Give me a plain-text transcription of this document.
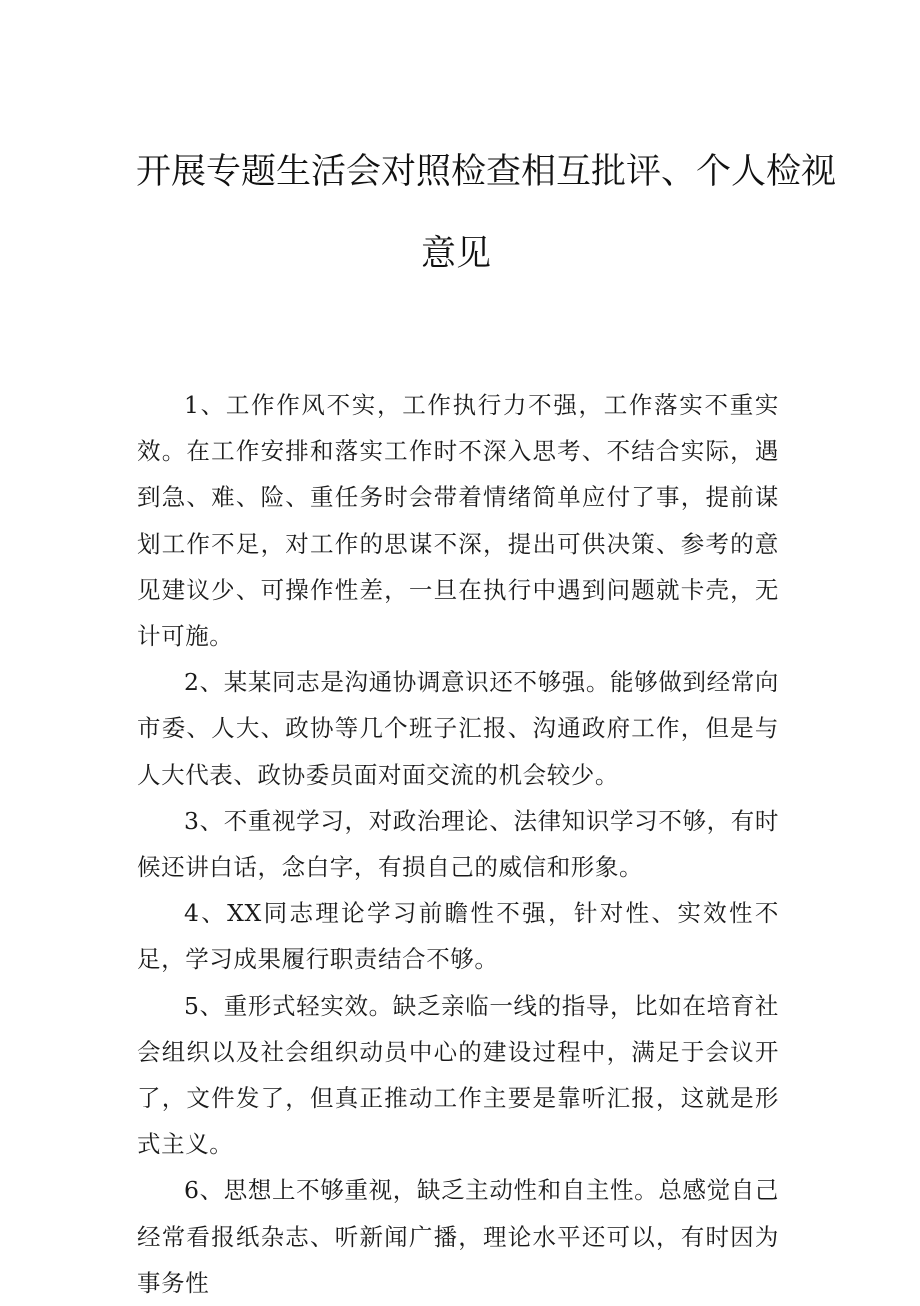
开展专题生活会对照检查相互批评、个人检视
意见

1、工作作风不实，工作执行力不强，工作落实不重实效。在工作安排和落实工作时不深入思考、不结合实际，遇到急、难、险、重任务时会带着情绪简单应付了事，提前谋划工作不足，对工作的思谋不深，提出可供决策、参考的意见建议少、可操作性差，一旦在执行中遇到问题就卡壳，无计可施。

2、某某同志是沟通协调意识还不够强。能够做到经常向市委、人大、政协等几个班子汇报、沟通政府工作，但是与人大代表、政协委员面对面交流的机会较少。

3、不重视学习，对政治理论、法律知识学习不够，有时候还讲白话，念白字，有损自己的威信和形象。

4、XX同志理论学习前瞻性不强，针对性、实效性不足，学习成果履行职责结合不够。

5、重形式轻实效。缺乏亲临一线的指导，比如在培育社会组织以及社会组织动员中心的建设过程中，满足于会议开了，文件发了，但真正推动工作主要是靠听汇报，这就是形式主义。

6、思想上不够重视，缺乏主动性和自主性。总感觉自己经常看报纸杂志、听新闻广播，理论水平还可以，有时因为事务性
